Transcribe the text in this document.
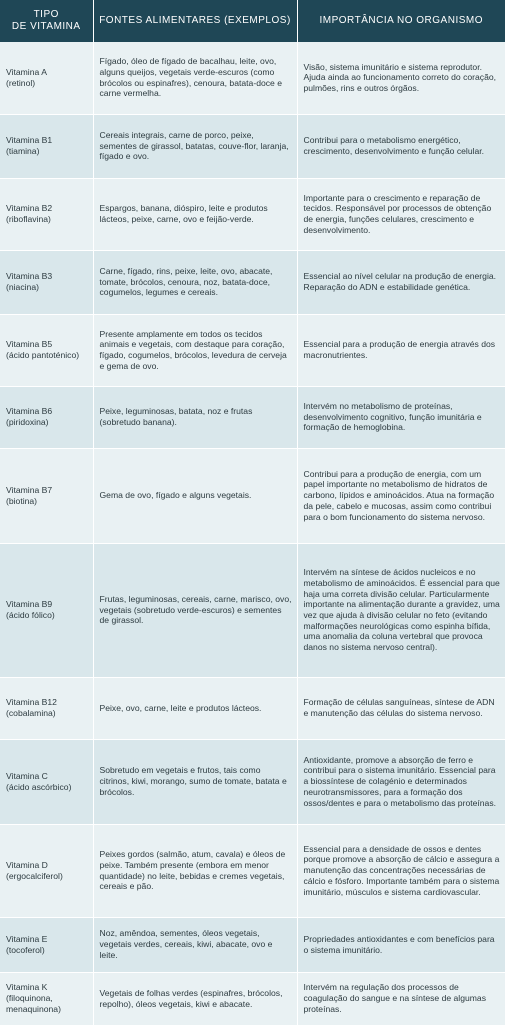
TIPO
DE VITAMINA	FONTES ALIMENTARES (EXEMPLOS)	IMPORTÂNCIA NO ORGANISMO
Vitamina A
(retinol)	Fígado, óleo de fígado de bacalhau, leite, ovo, alguns queijos, vegetais verde-escuros (como brócolos ou espinafres), cenoura, batata-doce e carne vermelha.	Visão, sistema imunitário e sistema reprodutor. Ajuda ainda ao funcionamento correto do coração, pulmões, rins e outros órgãos.
Vitamina B1
(tiamina)	Cereais integrais, carne de porco, peixe, sementes de girassol, batatas, couve-flor, laranja, fígado e ovo.	Contribui para o metabolismo energético, crescimento, desenvolvimento e função celular.
Vitamina B2
(riboflavina)	Espargos, banana, dióspiro, leite e produtos lácteos, peixe, carne, ovo e feijão-verde.	Importante para o crescimento e reparação de tecidos. Responsável por processos de obtenção de energia, funções celulares, crescimento e desenvolvimento.
Vitamina B3
(niacina)	Carne, fígado, rins, peixe, leite, ovo, abacate, tomate, brócolos, cenoura, noz, batata-doce, cogumelos, legumes e cereais.	Essencial ao nível celular na produção de energia. Reparação do ADN e estabilidade genética.
Vitamina B5
(ácido pantoténico)	Presente amplamente em todos os tecidos animais e vegetais, com destaque para coração, fígado, cogumelos, brócolos, levedura de cerveja e gema de ovo.	Essencial para a produção de energia através dos macronutrientes.
Vitamina B6
(piridoxina)	Peixe, leguminosas, batata, noz e frutas (sobretudo banana).	Intervém no metabolismo de proteínas, desenvolvimento cognitivo, função imunitária e formação de hemoglobina.
Vitamina B7
(biotina)	Gema de ovo, fígado e alguns vegetais.	Contribui para a produção de energia, com um papel importante no metabolismo de hidratos de carbono, lípidos e aminoácidos. Atua na formação da pele, cabelo e mucosas, assim como contribui para o bom funcionamento do sistema nervoso.
Vitamina B9
(ácido fólico)	Frutas, leguminosas, cereais, carne, marisco, ovo, vegetais (sobretudo verde-escuros) e sementes de girassol.	Intervém na síntese de ácidos nucleicos e no metabolismo de aminoácidos. É essencial para que haja uma correta divisão celular. Particularmente importante na alimentação durante a gravidez, uma vez que ajuda à divisão celular no feto (evitando malformações neurológicas como espinha bífida, uma anomalia da coluna vertebral que provoca danos no sistema nervoso central).
Vitamina B12
(cobalamina)	Peixe, ovo, carne, leite e produtos lácteos.	Formação de células sanguíneas, síntese de ADN e manutenção das células do sistema nervoso.
Vitamina C
(ácido ascórbico)	Sobretudo em vegetais e frutos, tais como citrinos, kiwi, morango, sumo de tomate, batata e brócolos.	Antioxidante, promove a absorção de ferro e contribui para o sistema imunitário. Essencial para a biossíntese de colagénio e determinados neurotransmissores, para a formação dos ossos/dentes e para o metabolismo das proteínas.
Vitamina D
(ergocalciferol)	Peixes gordos (salmão, atum, cavala) e óleos de peixe. Também presente (embora em menor quantidade) no leite, bebidas e cremes vegetais, cereais e pão.	Essencial para a densidade de ossos e dentes porque promove a absorção de cálcio e assegura a manutenção das concentrações necessárias de cálcio e fósforo. Importante também para o sistema imunitário, músculos e sistema cardiovascular.
Vitamina E
(tocoferol)	Noz, amêndoa, sementes, óleos vegetais, vegetais verdes, cereais, kiwi, abacate, ovo e leite.	Propriedades antioxidantes e com benefícios para o sistema imunitário.
Vitamina K
(filoquinona, menaquinona)	Vegetais de folhas verdes (espinafres, brócolos, repolho), óleos vegetais, kiwi e abacate.	Intervém na regulação dos processos de coagulação do sangue e na síntese de algumas proteínas.
